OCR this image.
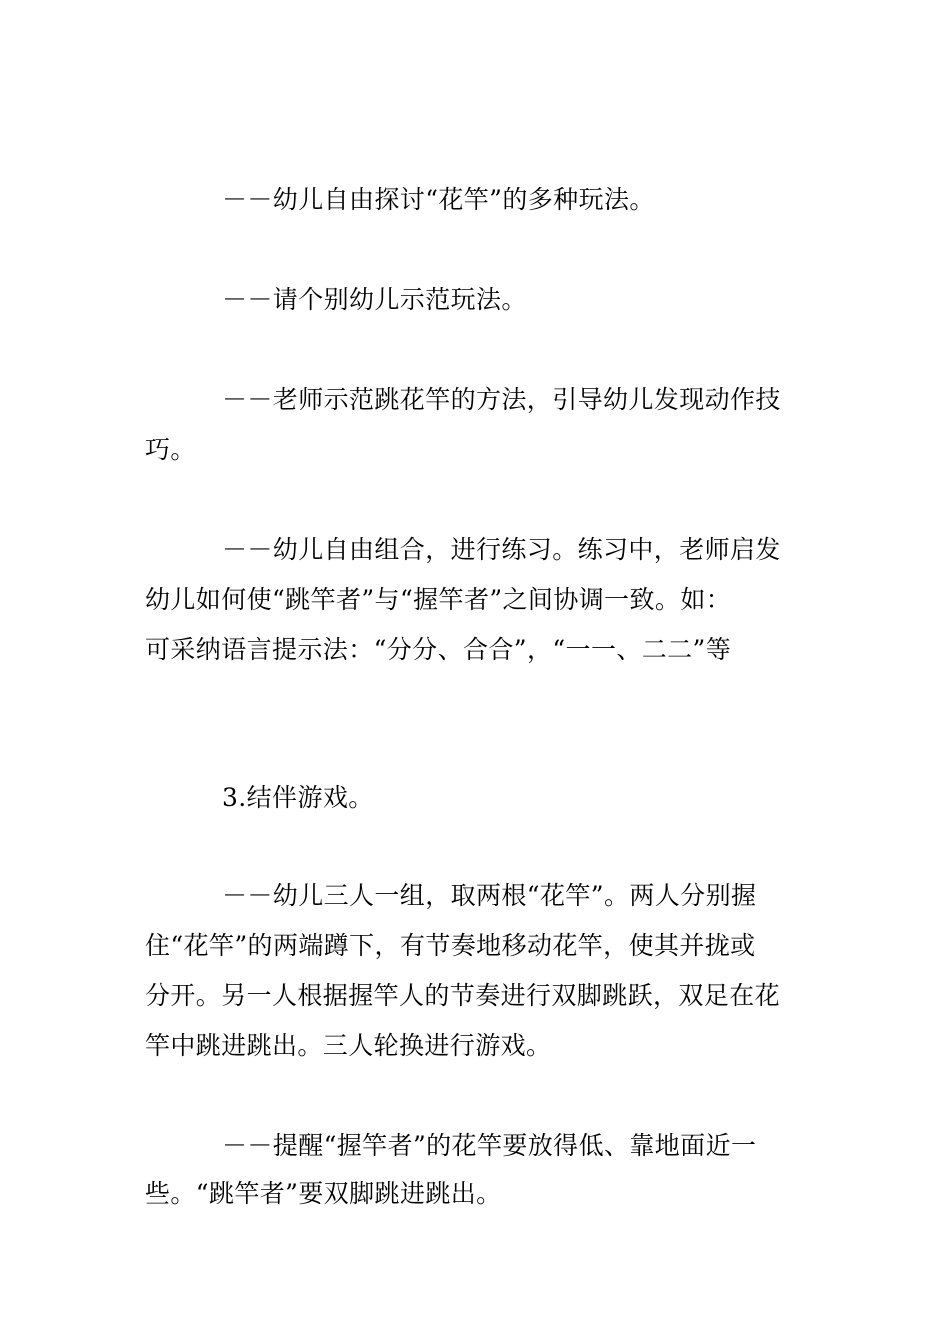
－－幼儿自由探讨“花竿”的多种玩法。
－－请个别幼儿示范玩法。
－－老师示范跳花竿的方法，引导幼儿发现动作技
巧。
－－幼儿自由组合，进行练习。练习中，老师启发
幼儿如何使“跳竿者”与“握竿者”之间协调一致。如：
可采纳语言提示法：“分分、合合”，“一一、二二”等
3.结伴游戏。
－－幼儿三人一组，取两根“花竿”。两人分别握
住“花竿”的两端蹲下，有节奏地移动花竿，使其并拢或
分开。另一人根据握竿人的节奏进行双脚跳跃，双足在花
竿中跳进跳出。三人轮换进行游戏。
－－提醒“握竿者”的花竿要放得低、靠地面近一
些。“跳竿者”要双脚跳进跳出。
